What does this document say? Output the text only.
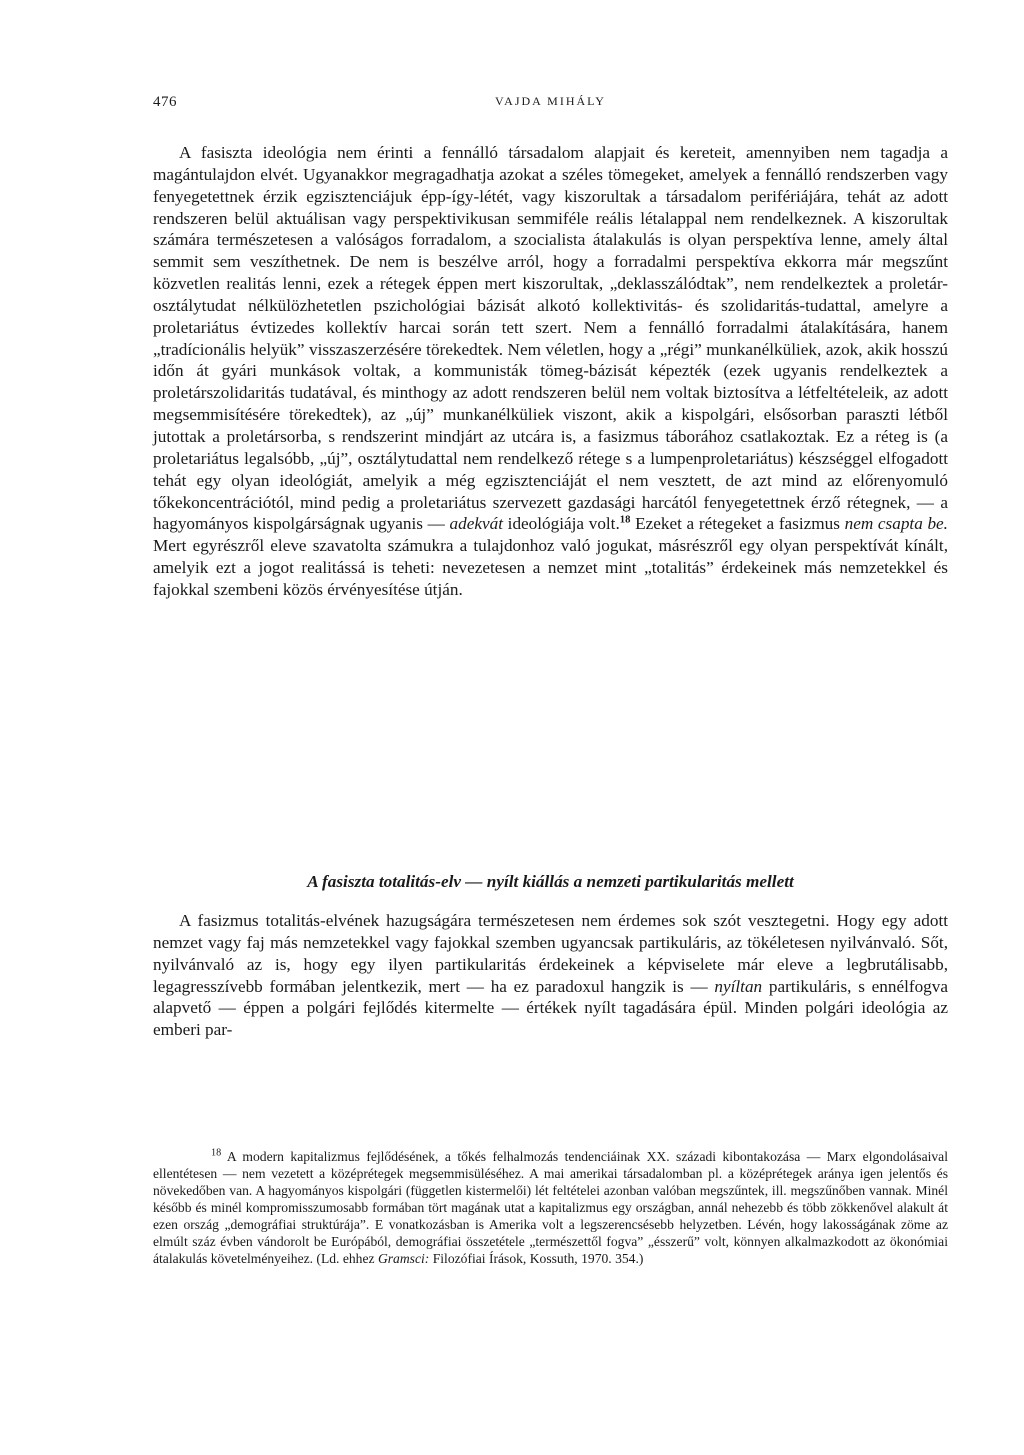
476	VAJDA MIHÁLY

A fasiszta ideológia nem érinti a fennálló társadalom alapjait és kereteit, amennyiben nem tagadja a magántulajdon elvét. Ugyanakkor megragadhatja azokat a széles tömegeket, amelyek a fennálló rendszerben vagy fenyegetettnek érzik egzisztenciájuk épp-így-létét, vagy kiszorultak a társadalom perifériájára, tehát az adott rendszeren belül aktuálisan vagy perspektivikusan semmiféle reális létalappal nem rendelkeznek. A kiszorultak számára természetesen a valóságos forradalom, a szocialista átalakulás is olyan perspektíva lenne, amely által semmit sem veszíthetnek. De nem is beszélve arról, hogy a forradalmi perspektíva ekkorra már megszűnt közvetlen realitás lenni, ezek a rétegek éppen mert kiszorultak, „deklasszálódtak”, nem rendelkeztek a proletár-osztálytudat nélkülözhetetlen pszichológiai bázisát alkotó kollektivitás- és szolidaritás-tudattal, amelyre a proletariátus évtizedes kollektív harcai során tett szert. Nem a fennálló forradalmi átalakítására, hanem „tradícionális helyük” visszaszerzésére törekedtek. Nem véletlen, hogy a „régi” munkanélküliek, azok, akik hosszú időn át gyári munkások voltak, a kommunisták tömeg-bázisát képezték (ezek ugyanis rendelkeztek a proletárszolidaritás tudatával, és minthogy az adott rendszeren belül nem voltak biztosítva a létfeltételeik, az adott megsemmisítésére törekedtek), az „új” munkanélküliek viszont, akik a kispolgári, elsősorban paraszti létből jutottak a proletársorba, s rendszerint mindjárt az utcára is, a fasizmus táborához csatlakoztak. Ez a réteg is (a proletariátus legalsóbb, „új”, osztálytudattal nem rendelkező rétege s a lumpenproletariátus) készséggel elfogadott tehát egy olyan ideológiát, amelyik a még egzisztenciáját el nem vesztett, de azt mind az előrenyomuló tőkekoncentrációtól, mind pedig a proletariátus szervezett gazdasági harcától fenyegetettnek érző rétegnek, — a hagyományos kispolgárságnak ugyanis — adekvát ideológiája volt.$^{18}$ Ezeket a rétegeket a fasizmus nem csapta be. Mert egyrészről eleve szavatolta számukra a tulajdonhoz való jogukat, másrészről egy olyan perspektívát kínált, amelyik ezt a jogot realitássá is teheti: nevezetesen a nemzet mint „totalitás” érdekeinek más nemzetekkel és fajokkal szembeni közös érvényesítése útján.

A fasiszta totalitás-elv — nyílt kiállás a nemzeti partikularitás mellett

A fasizmus totalitás-elvének hazugságára természetesen nem érdemes sok szót vesztegetni. Hogy egy adott nemzet vagy faj más nemzetekkel vagy fajokkal szemben ugyancsak partikuláris, az tökéletesen nyilvánvaló. Sőt, nyilvánvaló az is, hogy egy ilyen partikularitás érdekeinek a képviselete már eleve a legbrutálisabb, legagresszívebb formában jelentkezik, mert — ha ez paradoxul hangzik is — nyíltan partikuláris, s ennélfogva alapvető — éppen a polgári fejlődés kitermelte — értékek nyílt tagadására épül. Minden polgári ideológia az emberi par-

$^{18}$ A modern kapitalizmus fejlődésének, a tőkés felhalmozás tendenciáinak XX. századi kibontakozása — Marx elgondolásaival ellentétesen — nem vezetett a középrétegek megsemmisüléséhez. A mai amerikai társadalomban pl. a középrétegek aránya igen jelentős és növekedőben van. A hagyományos kispolgári (független kistermelői) lét feltételei azonban valóban megszűntek, ill. megszűnőben vannak. Minél később és minél kompromisszumosabb formában tört magának utat a kapitalizmus egy országban, annál nehezebb és több zökkenővel alakult át ezen ország „demográfiai struktúrája”. E vonatkozásban is Amerika volt a legszerencsésebb helyzetben. Lévén, hogy lakosságának zöme az elmúlt száz évben vándorolt be Európából, demográfiai összetétele „természettől fogva” „ésszerű” volt, könnyen alkalmazkodott az ökonómiai átalakulás követelményeihez. (Ld. ehhez Gramsci: Filozófiai Írások, Kossuth, 1970. 354.)
